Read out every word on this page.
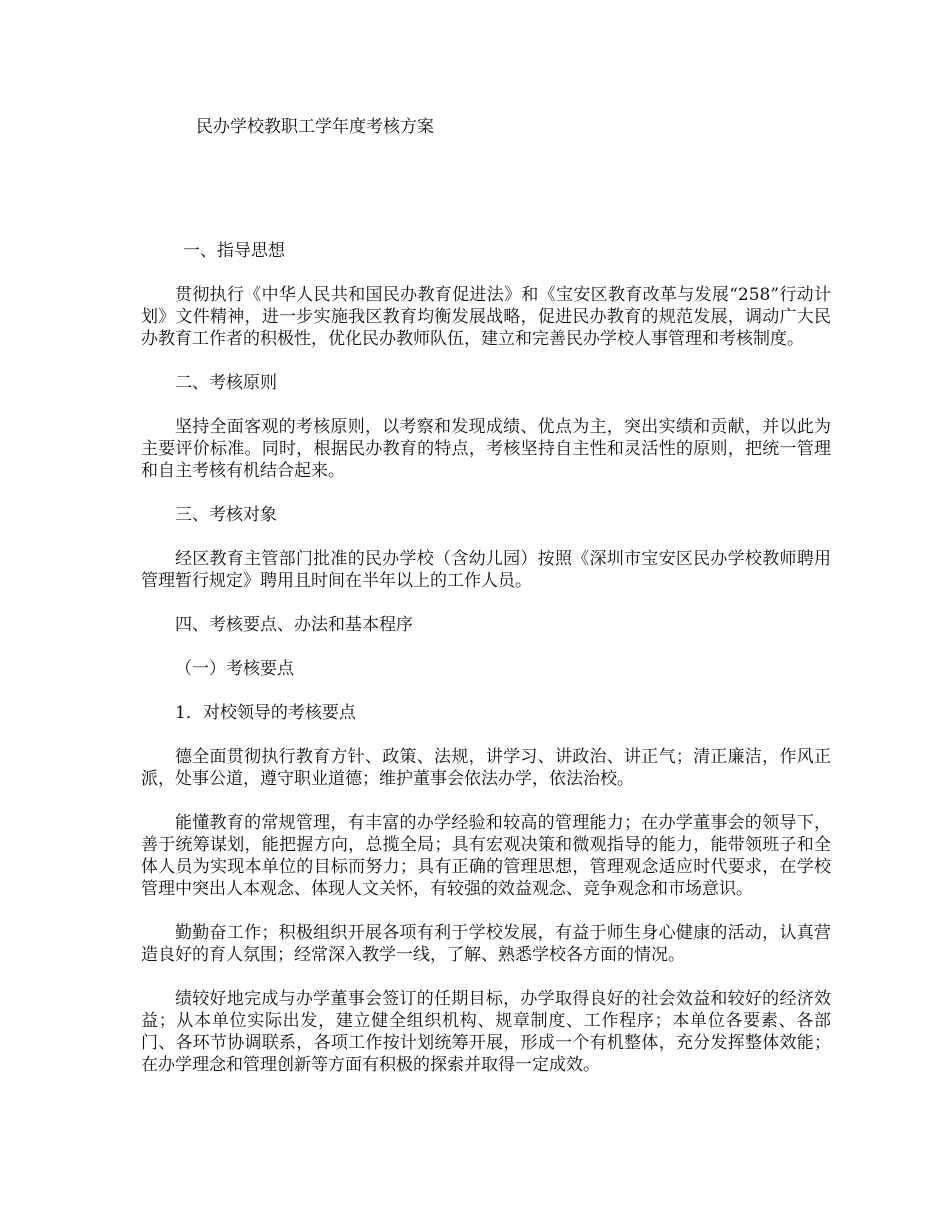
民办学校教职工学年度考核方案

一、指导思想

贯彻执行《中华人民共和国民办教育促进法》和《宝安区教育改革与发展“258”行动计划》文件精神，进一步实施我区教育均衡发展战略，促进民办教育的规范发展，调动广大民办教育工作者的积极性，优化民办教师队伍，建立和完善民办学校人事管理和考核制度。

二、考核原则

坚持全面客观的考核原则，以考察和发现成绩、优点为主，突出实绩和贡献，并以此为主要评价标准。同时，根据民办教育的特点，考核坚持自主性和灵活性的原则，把统一管理和自主考核有机结合起来。

三、考核对象

经区教育主管部门批准的民办学校（含幼儿园）按照《深圳市宝安区民办学校教师聘用管理暂行规定》聘用且时间在半年以上的工作人员。

四、考核要点、办法和基本程序

（一）考核要点

1．对校领导的考核要点

德全面贯彻执行教育方针、政策、法规，讲学习、讲政治、讲正气；清正廉洁，作风正派，处事公道，遵守职业道德；维护董事会依法办学，依法治校。

能懂教育的常规管理，有丰富的办学经验和较高的管理能力；在办学董事会的领导下，善于统筹谋划，能把握方向，总揽全局；具有宏观决策和微观指导的能力，能带领班子和全体人员为实现本单位的目标而努力；具有正确的管理思想，管理观念适应时代要求，在学校管理中突出人本观念、体现人文关怀，有较强的效益观念、竞争观念和市场意识。

勤勤奋工作；积极组织开展各项有利于学校发展，有益于师生身心健康的活动，认真营造良好的育人氛围；经常深入教学一线，了解、熟悉学校各方面的情况。

绩较好地完成与办学董事会签订的任期目标，办学取得良好的社会效益和较好的经济效益；从本单位实际出发，建立健全组织机构、规章制度、工作程序；本单位各要素、各部门、各环节协调联系，各项工作按计划统筹开展，形成一个有机整体，充分发挥整体效能；在办学理念和管理创新等方面有积极的探索并取得一定成效。
